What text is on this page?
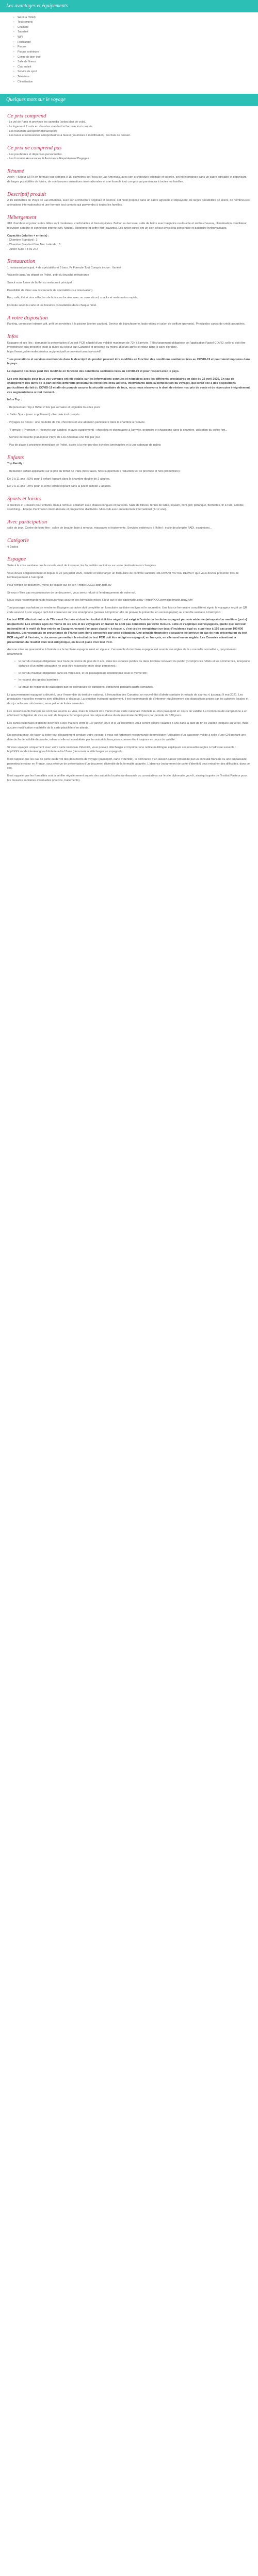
Les avantages et équipements
• Wi-Fi (à l'hôtel)
• Tout compris
• Chambre
• Transfert
• WiFi
• Restaurant
• Piscine
• Piscine extérieure
• Centre de bien-être
• Salle de fitness
• Club enfant
• Service de sport
• Télévision
• Climatisation
Quelques mots sur le voyage
Ce prix comprend
- Le vol de Paris et province les samedis (selon plan de vols).
- Le logement 7 nuits en chambre standard et formule tout compris.
- Les transferts aéroport/hôtel/aéroport.
- Les taxes et redevances aéroportuaires à faveur (soumises à modification), les frais de dossier.
Ce prix ne comprend pas
- Les pourboires et dépenses personnelles.
- Les formules Assurances & Assistance Rapatriement/Bagages.
Résumé

Avion + Séjour 8J/7N en formule tout compris A 15 kilomètres de Playa de Las Americas, avec son architecture originale et colorée, cet hôtel propose dans un cadre agréable et dépaysant, de larges possibilités de loisirs, de nombreuses animations internationales et une formule tout compris qui parviendra à toutes les familles.

Descriptif produit

A 15 kilomètres de Playa de Las Americas, avec son architecture originale et colorée, cet hôtel propose dans un cadre agréable et dépaysant, de larges possibilités de loisirs, de nombreuses animations internationales et une formule tout compris qui parviendra à toutes les familles.

Hébergement

310 chambres et junior suites. Elles sont modernes, confortables et bien équipées. Balcon ou terrasse, salle de bains avec baignoire ou douche et sèche-cheveux, climatisation, ventilateur, télévision satellite et connexion internet wifi. Minibar, téléphone et coffre-fort (payants). Les junior suites ont un coin séjour avec sofa convertible et baignoire hydromassage.

Capacités (adultes + enfants) :
- Chambre Standard : 3
- Chambre Standard Vue Mer Latérale : 3
- Junior Suite : 3 ou 2+2
Restauration

1 restaurant principal, 4 de spécialités et 3 bars. Pr Formule Tout Compris inclue : Variété

Vaisselle jusqu'au départ de l'hôtel, petit du brusché réfrigérante

Snack sous forme de buffet au restaurant principal.

Possibilité de dîner aux restaurants de spécialités (sur réservation).

Eau, café, thé et vins sélection de boissons locales avec ou sans alcool, snacks et restauration rapide.

Formule selon la carte et les horaires consultables dans chaque hôtel.

A votre disposition

Parking, connexion internet wifi, prêt de serviettes à la piscine (contre caution). Service de blanchisserie, baby-sitting et salon de coiffure (payants). Principales cartes de crédit acceptées.

Infos

Espagne et ses îles : demande la présentation d'un test PCR négatif d'une validité maximum de 72h à l'arrivée. Téléchargement obligatoire de l'application Rastel COVID, celle-ci doit être inventorisée puis présenté toute la durée du séjour aux Canaries et présenté au moins 15 jours après le retour dans le pays d'origine. https://www.gobiernodecanarias.org/principal/coronavirus/canarias-covid/

"Les prestations et services mentionnés dans le descriptif du produit peuvent être modifiés en fonction des conditions sanitaires liées au COVID-19 et pourraient imposées dans le pays.

Le capacité des lieux peut être modifiée en fonction des conditions sanitaires liées au COVID-19 et pour respect avec le pays.

Les prix indiqués pour tous vos voyages ont été établis sur les informations connues et négociées avec les différents prestataires en date du 22 avril 2020. En cas de changement des tarifs de la part de nos différents prestataires (forestiers et/ou aériens, intervenants dans la composition du voyage), qui serait liée à des dispositions particulières du fait du COVID-19 et afin de pouvoir assurer la sécurité sanitaire de tous, nous nous réservons le droit de réviser nos prix de vente et de répercuter intégralement ces augmentations à tout moment.

Infos Top :

- Représentant Top à l'hôtel 2 fois par semaine et joignable tous les jours

« Bailor Spa » (avec supplément) - Formule tout compris

- Voyages de noces : une bouteille de vin, chocolats et une attention particulière dans la chambre à l'arrivée.

- "Formule « Premium » (réservée aux adultes) et avec supplément) : chocolats et champagne à l'arrivée, peignoirs et chaussons dans la chambre, utilisation du coffre-fort...

- Service de navette gratuit pour Playa de Los Americas une fois par jour

- Pas de plage à proximité immédiate de l'hôtel, accès à la mer par des échelles aménagées et à une cabouqe de galets

Enfants

Top Family :

- Réduction enfant applicable sur le prix du forfait de Paris (hors taxes, hors supplément / réduction vol de province et hors promotions) :

De 2 à 11 ans : 50% pour 1 enfant logeant dans la chambre double de 2 adultes.

De 2 à 11 ans : 25% pour le 2ème enfant logeant dans la junior suitede 2 adultes.

Sports et loisirs

3 piscines et 1 bassin pour enfants, bain à remous, solarium avec chaises longues et parasols. Salle de fitness, tennis de table, squash, mini-golf, pétanque, fléchettes, tir à l'arc, aérobic, stretching... Equipe d'animation internationale et programme d'activités. Mini-club avec encadrement international (4-12 ans).

Avec participation

salle de jeux. Centre de bien-être : salon de beauté, bain à remous, massages et traitements. Services extérieurs à l'hôtel : école de plongée PADI, excursions...

Catégorie

4 Étoiles

Espagne

Suite à la crise sanitaire que le monde vient de traverser, les formalités sanitaires sur votre destination ont changées.

Vous devez obligatoirement et depuis le 22 juin juillet 2020, remplir et télécharger un formulaire de contrôle sanitaire 48H AVANT VOTRE DÉPART que vous devrez présenter lors de l'embarquement à l'aéroport.

Pour remplir ce document, merci de cliquer sur ce lien : https://XXXX.spth.gob.es/

Si vous n'êtes pas en possession de ce document, vous serez refusé à l'embarquement de votre vol.

Nous vous recommandons de toujours vous assurer des formalités mises à jour sur le site diplomatie.gouv : https//XXX.www.diplomatie.gouv.fr/fr/

Tout passager souhaitant se rendre en Espagne par avion doit compléter un formulaire sanitaire en ligne et le soumettre. Une fois ce formulaire complété et signé, le voyageur reçoit un QR code associé à son voyage qu'il doit conserver sur son smartphone (pensez à imprimer afin de pouvoir le présenter en version papier) au contrôle sanitaire à l'aéroport.

Un test PCR effectué moins de 72h avant l'arrivée et dont le résultat doit être négatif, est exigé à l'entrée du territoire espagnol par voie aérienne (aéroports/ou maritime (ports) uniquement. Les enfants âgés de moins de six ans et les voyageurs en transit ne sont pas concernés par cette mesure. Celle-ci s'applique aux voyageurs, quelle que soit leur nationalité et le motif de leur entrée en Espagne, venant d'un pays classé « à risque », c'est-à-dire enregistrant un taux d'incidence égal ou supérieur à 150 cas pour 100 000 habitants. Les voyageurs en provenance de France sont donc concernés par cette obligation. Une pénalité financière dissuasive est prévue en cas de non présentation du test PCR négatif. À l'arrivée, le document permettant le résultat du test PCR doit être rédigé en espagnol, en français, en allemand ou en anglais. Les Canaries admettent la présentation du résultat d'un test antigénique, en lieu et place d'un test PCR.

Aucune mise en quarantaine à l'entrée sur le territoire espagnol n'est en vigueur. L'ensemble du territoire espagnol est soumis aux règles de la « nouvelle normalité », qui prévoient notamment :

• le port du masque obligatoire pour toute personne de plus de 6 ans, dans les espaces publics ou dans les lieux recevant du public, y compris les hôtels et les commerces, lorsqu'une distance d'un mètre cinquante ne peut être respectée entre deux personnes ;
• le port du masque obligatoire dans les véhicules, si les passagers ne résident pas sous le même toit ;
• le respect des gestes barrières ;
• la tenue de registres de passagers par les opérateurs de transports, conservés pendant quatre semaines.

Le gouvernement espagnol a décrété, pour l'ensemble du territoire national, à l'exception des Canaries, un nouvel état d'alerte sanitaire (« estado de alarma ») jusqu'au 9 mai 2021. Les principales nouvelles mesures sont détaillées ci-dessous. La situation évoluant rapidement, il est recommandé de s'informer régulièrement des dispositions prises par les autorités locales et de s'y conformer strictement, sous peine de fortes amendes.

Les ressortissants français ne sont pas soumis au visa, mais ils doivent être munis d'une carte nationale d'identité ou d'un passeport en cours de validité. La Communauté européenne a en effet levé l'obligation de visa au sein de l'espace Schengen pour des séjours d'une durée maximale de 90 jours par période de 180 jours.

Les cartes nationales d'identité délivrées à des majeurs entre le 1er janvier 2004 et le 31 décembre 2013 seront encore valables 5 ans dans la date de fin de validité indiquée au verso, mais aucune modification matérielle de la carte plastifiée n'en atteste.

En conséquence, de façon à éviter tout désagrément pendant votre voyage, il vous est fortement recommandé de privilégier l'utilisation d'un passeport valide à celle d'une CNI portant une date de fin de validité dépassée, même si elle est considérée par les autorités françaises comme étant toujours en cours de validité.

Si vous voyagez uniquement avec votre carte nationale d'identité, vous pouvez télécharger et imprimer une notice multilingue expliquant ces nouvelles règles à l'adresse suivante : http//XXX.mode.interieur.gouv.fr/interieur-lm-15ans (document à télécharger en espagnol).

Il est rappelé que les cas de perte ou de vol des documents de voyage (passeport, carte d'identité), la délivrance d'un laissez-passer provisoire par un consulat français ou une ambassade permettra le retour en France, sous réserve de présentation d'un document d'identité de la formalité adaptée. L'absence (notamment de carte d'identité) peut entraîner des difficultés, dans ce cas.

Il est rappelé que les formalités sont à vérifier régulièrement auprès des autorités locales (ambassade ou consulat) ou sur le site diplomatie.gouv.fr, ainsi qu'auprès de l'Institut Pasteur pour les mesures sanitaires éventuelles (vaccins, traitements).
